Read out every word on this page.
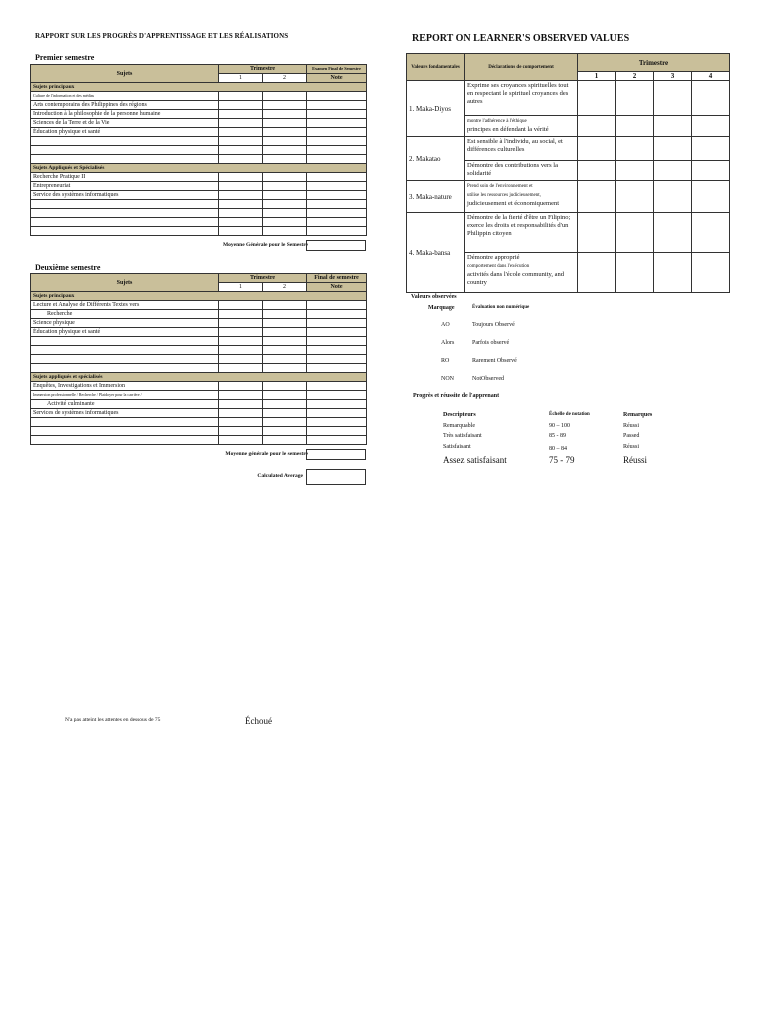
RAPPORT SUR LES PROGRÈS D'APPRENTISSAGE ET LES RÉALISATIONS	REPORT ON LEARNER'S OBSERVED VALUES
Premier semestre
Sujets	Trimestre		Examen Final de Semestre
	1	2	Note
Sujets principaux			
Culture de l'information et des médias			
Arts contemporains des Philippines des régions			
Introduction à la philosophie de la personne humaine			
Sciences de la Terre et de la Vie			
Éducation physique et santé			

Sujets Appliqués et Spécialisés			
Recherche Pratique II			
Entrepreneuriat			
Service des systèmes informatiques			

Moyenne Générale pour le Semestre
Deuxième semestre
Sujets	Trimestre		Final de semestre
	1	2	Note
Sujets principaux			
Lecture et Analyse de Différents Textes vers			
Recherche			
Science physique			
Éducation physique et santé			

Sujets appliqués et spécialisés			
Enquêtes, Investigations et Immersion			
Immersion professionnelle / Recherche / Plaidoyer pour la carrière /			
Activité culminante			
Services de systèmes informatiques			

Moyenne générale pour le semestre
Calculated Average
N'a pas atteint les attentes en dessous de 75	Échoué
Valeurs fondamentales	Déclarations de comportement	Trimestre			
		1	2	3	4
1. Maka-Diyos	Exprime ses croyances spirituelles tout en respectant le spirituel croyances des autres				
	montre l'adhérence à l'éthique
principes en défendant la vérité				
2. Makatao	Est sensible à l'individu, au social, et différences culturelles				
	Démontre des contributions vers la solidarité				
3. Maka-nature	Prend soin de l'environnement et
utilise les ressources judicieusement,
judicieusement et économiquement				
4. Maka-bansa	Démontre de la fierté d'être un Filipino; exerce les droits et responsabilités d'un Philippin citoyen				
	Démontre approprié
comportement dans l'exécution
activités dans l'école community, and country				
Valeurs observées
Marquage	Évaluation non numérique
AO	Toujours Observé
Alors	Parfois observé
RO	Rarement Observé
NON	NotObserved
Progrès et réussite de l'apprenant
Descripteurs	Échelle de notation	Remarques
Remarquable	90 – 100	Réussi
Très satisfaisant	85 - 89	Passed
Satisfaisant	80 – 84	Réussi
Assez satisfaisant	75 - 79	Réussi
